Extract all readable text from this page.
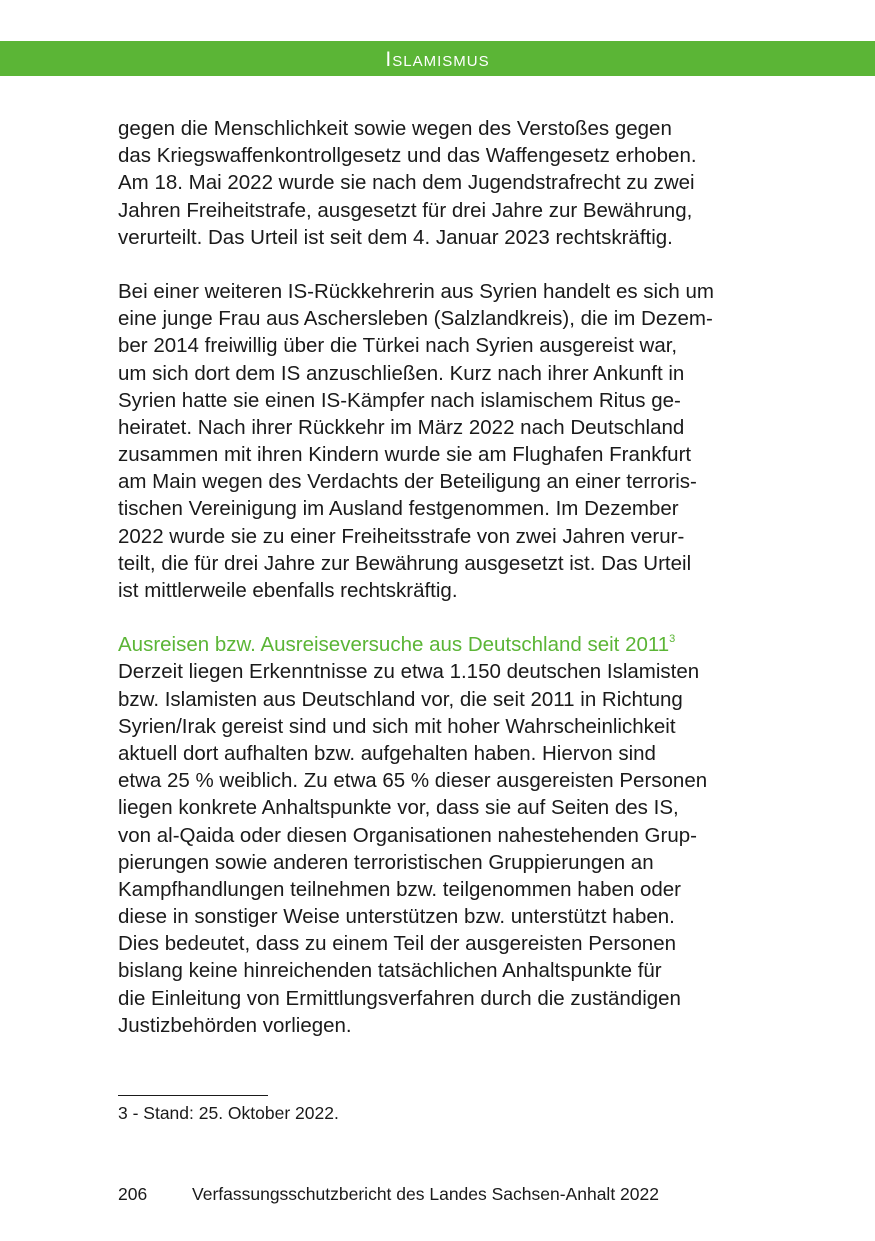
Islamismus

gegen die Menschlichkeit sowie wegen des Verstoßes gegen
das Kriegswaffenkontrollgesetz und das Waffengesetz erhoben.
Am 18. Mai 2022 wurde sie nach dem Jugendstrafrecht zu zwei
Jahren Freiheitstrafe, ausgesetzt für drei Jahre zur Bewährung,
verurteilt. Das Urteil ist seit dem 4. Januar 2023 rechtskräftig.

Bei einer weiteren IS-Rückkehrerin aus Syrien handelt es sich um
eine junge Frau aus Aschersleben (Salzlandkreis), die im Dezem-
ber 2014 freiwillig über die Türkei nach Syrien ausgereist war,
um sich dort dem IS anzuschließen. Kurz nach ihrer Ankunft in
Syrien hatte sie einen IS-Kämpfer nach islamischem Ritus ge-
heiratet. Nach ihrer Rückkehr im März 2022 nach Deutschland
zusammen mit ihren Kindern wurde sie am Flughafen Frankfurt
am Main wegen des Verdachts der Beteiligung an einer terroris-
tischen Vereinigung im Ausland festgenommen. Im Dezember
2022 wurde sie zu einer Freiheitsstrafe von zwei Jahren verur-
teilt, die für drei Jahre zur Bewährung ausgesetzt ist. Das Urteil
ist mittlerweile ebenfalls rechtskräftig.

Ausreisen bzw. Ausreiseversuche aus Deutschland seit 2011$^3$
Derzeit liegen Erkenntnisse zu etwa 1.150 deutschen Islamisten
bzw. Islamisten aus Deutschland vor, die seit 2011 in Richtung
Syrien/Irak gereist sind und sich mit hoher Wahrscheinlichkeit
aktuell dort aufhalten bzw. aufgehalten haben. Hiervon sind
etwa 25 % weiblich. Zu etwa 65 % dieser ausgereisten Personen
liegen konkrete Anhaltspunkte vor, dass sie auf Seiten des IS,
von al-Qaida oder diesen Organisationen nahestehenden Grup-
pierungen sowie anderen terroristischen Gruppierungen an
Kampfhandlungen teilnehmen bzw. teilgenommen haben oder
diese in sonstiger Weise unterstützen bzw. unterstützt haben.
Dies bedeutet, dass zu einem Teil der ausgereisten Personen
bislang keine hinreichenden tatsächlichen Anhaltspunkte für
die Einleitung von Ermittlungsverfahren durch die zuständigen
Justizbehörden vorliegen.

3 - Stand: 25. Oktober 2022.
206	Verfassungsschutzbericht des Landes Sachsen-Anhalt 2022
